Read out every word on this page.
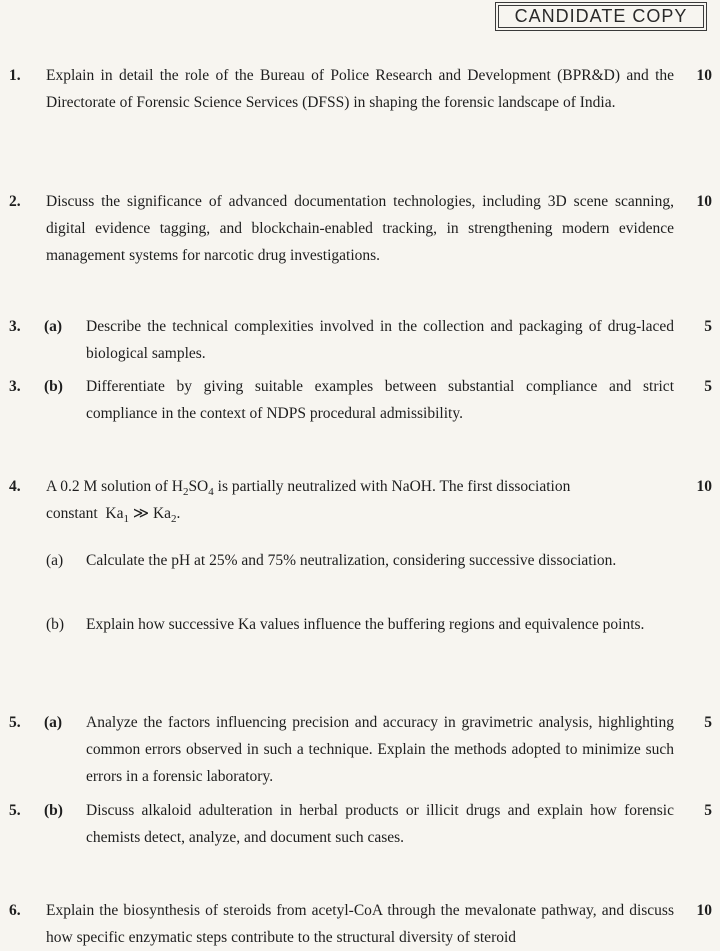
CANDIDATE COPY
1. Explain in detail the role of the Bureau of Police Research and Development (BPR&D) and the Directorate of Forensic Science Services (DFSS) in shaping the forensic landscape of India.
10
2. Discuss the significance of advanced documentation technologies, including 3D scene scanning, digital evidence tagging, and blockchain-enabled tracking, in strengthening modern evidence management systems for narcotic drug investigations.
10
3. (a) Describe the technical complexities involved in the collection and packaging of drug-laced biological samples.
5
3. (b) Differentiate by giving suitable examples between substantial compliance and strict compliance in the context of NDPS procedural admissibility.
5
4. A 0.2 M solution of $H_2SO_4$ is partially neutralized with NaOH. The first dissociation
constant $Ka_1$ ≫ $Ka_2$.
10
(a) Calculate the pH at 25% and 75% neutralization, considering successive dissociation.
(b) Explain how successive Ka values influence the buffering regions and equivalence points.
5. (a) Analyze the factors influencing precision and accuracy in gravimetric analysis, highlighting common errors observed in such a technique. Explain the methods adopted to minimize such errors in a forensic laboratory.
5
5. (b) Discuss alkaloid adulteration in herbal products or illicit drugs and explain how forensic chemists detect, analyze, and document such cases.
5
6. Explain the biosynthesis of steroids from acetyl-CoA through the mevalonate pathway, and discuss how specific enzymatic steps contribute to the structural diversity of steroid
10
